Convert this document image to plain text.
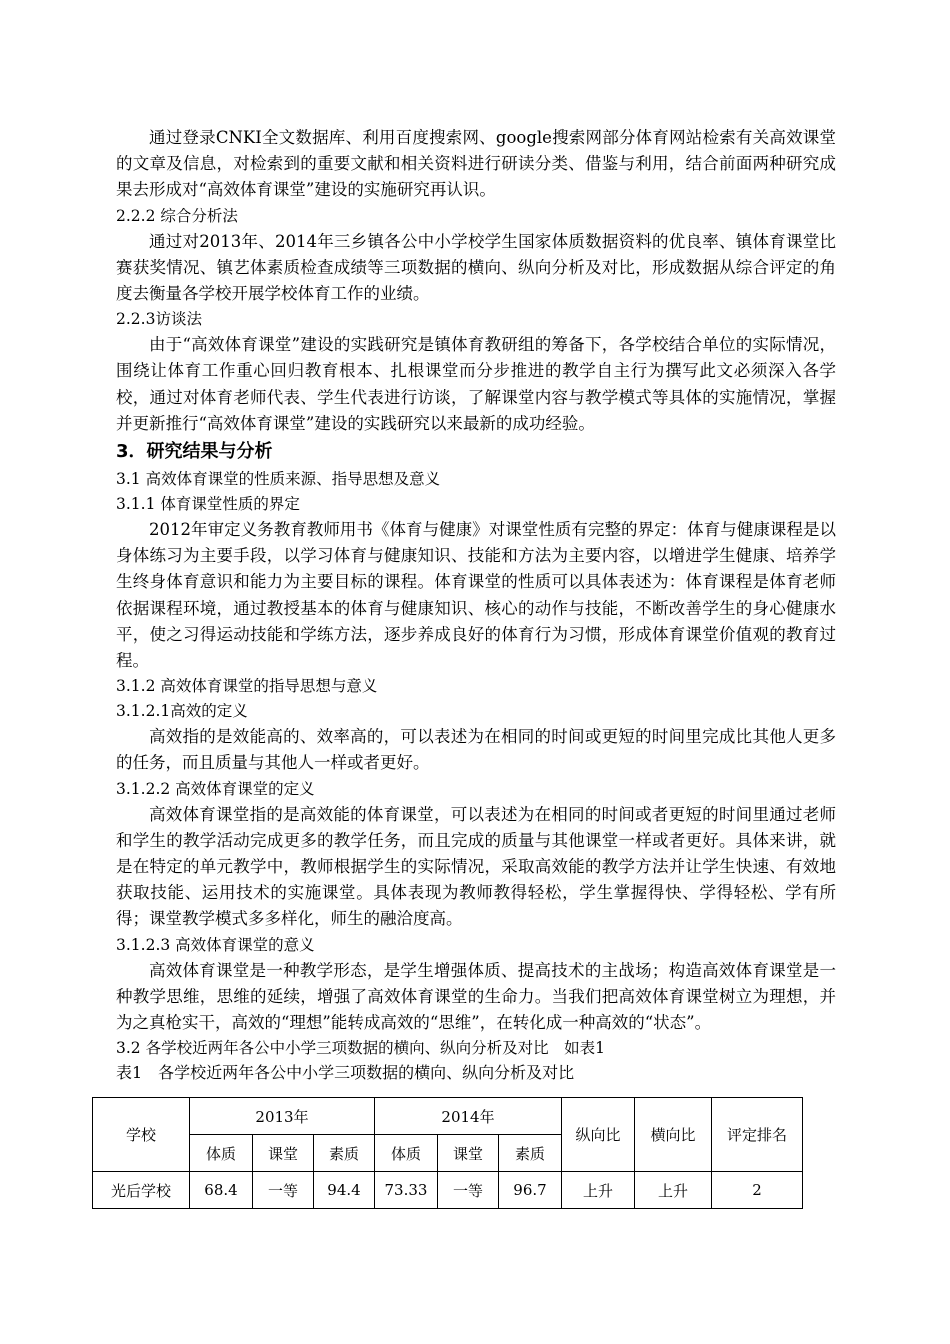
通过登录CNKI全文数据库、利用百度搜索网、google搜索网部分体育网站检索有关高效课堂的文章及信息，对检索到的重要文献和相关资料进行研读分类、借鉴与利用，结合前面两种研究成果去形成对“高效体育课堂”建设的实施研究再认识。

2.2.2 综合分析法

通过对2013年、2014年三乡镇各公中小学校学生国家体质数据资料的优良率、镇体育课堂比赛获奖情况、镇艺体素质检查成绩等三项数据的横向、纵向分析及对比，形成数据从综合评定的角度去衡量各学校开展学校体育工作的业绩。

2.2.3访谈法

由于“高效体育课堂”建设的实践研究是镇体育教研组的筹备下，各学校结合单位的实际情况，围绕让体育工作重心回归教育根本、扎根课堂而分步推进的教学自主行为撰写此文必须深入各学校，通过对体育老师代表、学生代表进行访谈，了解课堂内容与教学模式等具体的实施情况，掌握并更新推行“高效体育课堂”建设的实践研究以来最新的成功经验。

3．研究结果与分析

3.1 高效体育课堂的性质来源、指导思想及意义

3.1.1 体育课堂性质的界定

2012年审定义务教育教师用书《体育与健康》对课堂性质有完整的界定：体育与健康课程是以身体练习为主要手段，以学习体育与健康知识、技能和方法为主要内容，以增进学生健康、培养学生终身体育意识和能力为主要目标的课程。体育课堂的性质可以具体表述为：体育课程是体育老师依据课程环境，通过教授基本的体育与健康知识、核心的动作与技能，不断改善学生的身心健康水平，使之习得运动技能和学练方法，逐步养成良好的体育行为习惯，形成体育课堂价值观的教育过程。

3.1.2 高效体育课堂的指导思想与意义

3.1.2.1高效的定义

高效指的是效能高的、效率高的，可以表述为在相同的时间或更短的时间里完成比其他人更多的任务，而且质量与其他人一样或者更好。

3.1.2.2 高效体育课堂的定义

高效体育课堂指的是高效能的体育课堂，可以表述为在相同的时间或者更短的时间里通过老师和学生的教学活动完成更多的教学任务，而且完成的质量与其他课堂一样或者更好。具体来讲，就是在特定的单元教学中，教师根据学生的实际情况，采取高效能的教学方法并让学生快速、有效地获取技能、运用技术的实施课堂。具体表现为教师教得轻松，学生掌握得快、学得轻松、学有所得；课堂教学模式多多样化，师生的融洽度高。

3.1.2.3 高效体育课堂的意义

高效体育课堂是一种教学形态，是学生增强体质、提高技术的主战场；构造高效体育课堂是一种教学思维，思维的延续，增强了高效体育课堂的生命力。当我们把高效体育课堂树立为理想，并为之真枪实干，高效的“理想”能转成高效的“思维”，在转化成一种高效的“状态”。

3.2 各学校近两年各公中小学三项数据的横向、纵向分析及对比　如表1

表1　各学校近两年各公中小学三项数据的横向、纵向分析及对比

学校	2013年			2014年			纵向比	横向比	评定排名
	体质	课堂	素质	体质	课堂	素质			
光后学校	68.4	一等	94.4	73.33	一等	96.7	上升	上升	2
